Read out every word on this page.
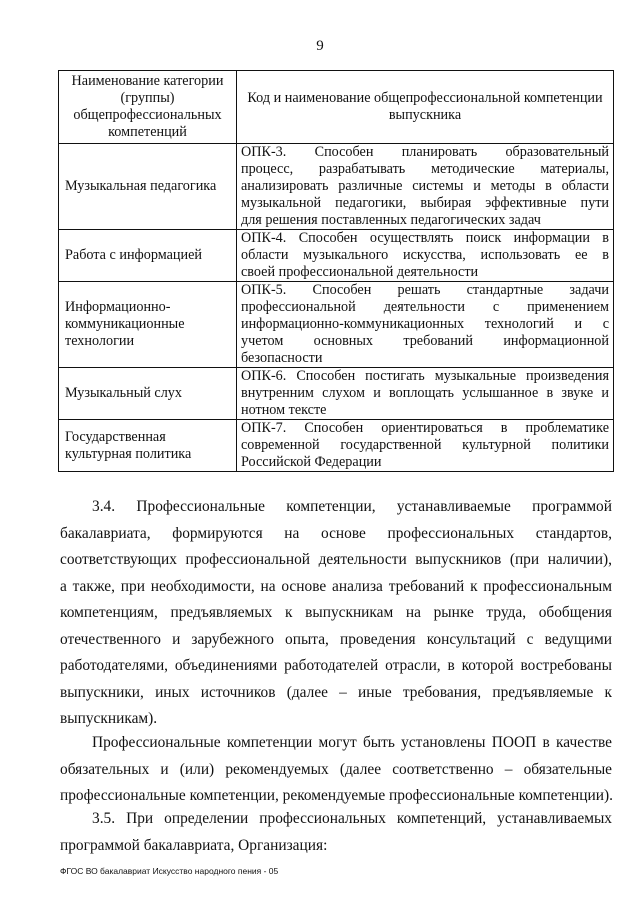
9
Наименование категории (группы) общепрофессиональных компетенций	Код и наименование общепрофессиональной компетенции выпускника
Музыкальная педагогика	ОПК-3. Способен планировать образовательный
процесс, разрабатывать методические материалы,
анализировать различные системы и методы в области
музыкальной педагогики, выбирая эффективные пути
для решения поставленных педагогических задач

Работа с информацией	ОПК-4. Способен осуществлять поиск информации в
области музыкального искусства, использовать ее в
своей профессиональной деятельности

Информационно-коммуникационные технологии	ОПК-5. Способен решать стандартные задачи
профессиональной деятельности с применением
информационно-коммуникационных технологий и с
учетом основных требований информационной
безопасности

Музыкальный слух	ОПК-6. Способен постигать музыкальные произведения
внутренним слухом и воплощать услышанное в звуке и
нотном тексте

Государственная культурная политика	ОПК-7. Способен ориентироваться в проблематике
современной государственной культурной политики
Российской Федерации
3.4. Профессиональные компетенции, устанавливаемые программой
бакалавриата, формируются на основе профессиональных стандартов,
соответствующих профессиональной деятельности выпускников (при наличии),
а также, при необходимости, на основе анализа требований к профессиональным
компетенциям, предъявляемых к выпускникам на рынке труда, обобщения
отечественного и зарубежного опыта, проведения консультаций с ведущими
работодателями, объединениями работодателей отрасли, в которой востребованы
выпускники, иных источников (далее – иные требования, предъявляемые к
выпускникам).
Профессиональные компетенции могут быть установлены ПООП в качестве
обязательных и (или) рекомендуемых (далее соответственно – обязательные
профессиональные компетенции, рекомендуемые профессиональные компетенции).
3.5. При определении профессиональных компетенций, устанавливаемых
программой бакалавриата, Организация:
ФГОС ВО бакалавриат Искусство народного пения - 05
